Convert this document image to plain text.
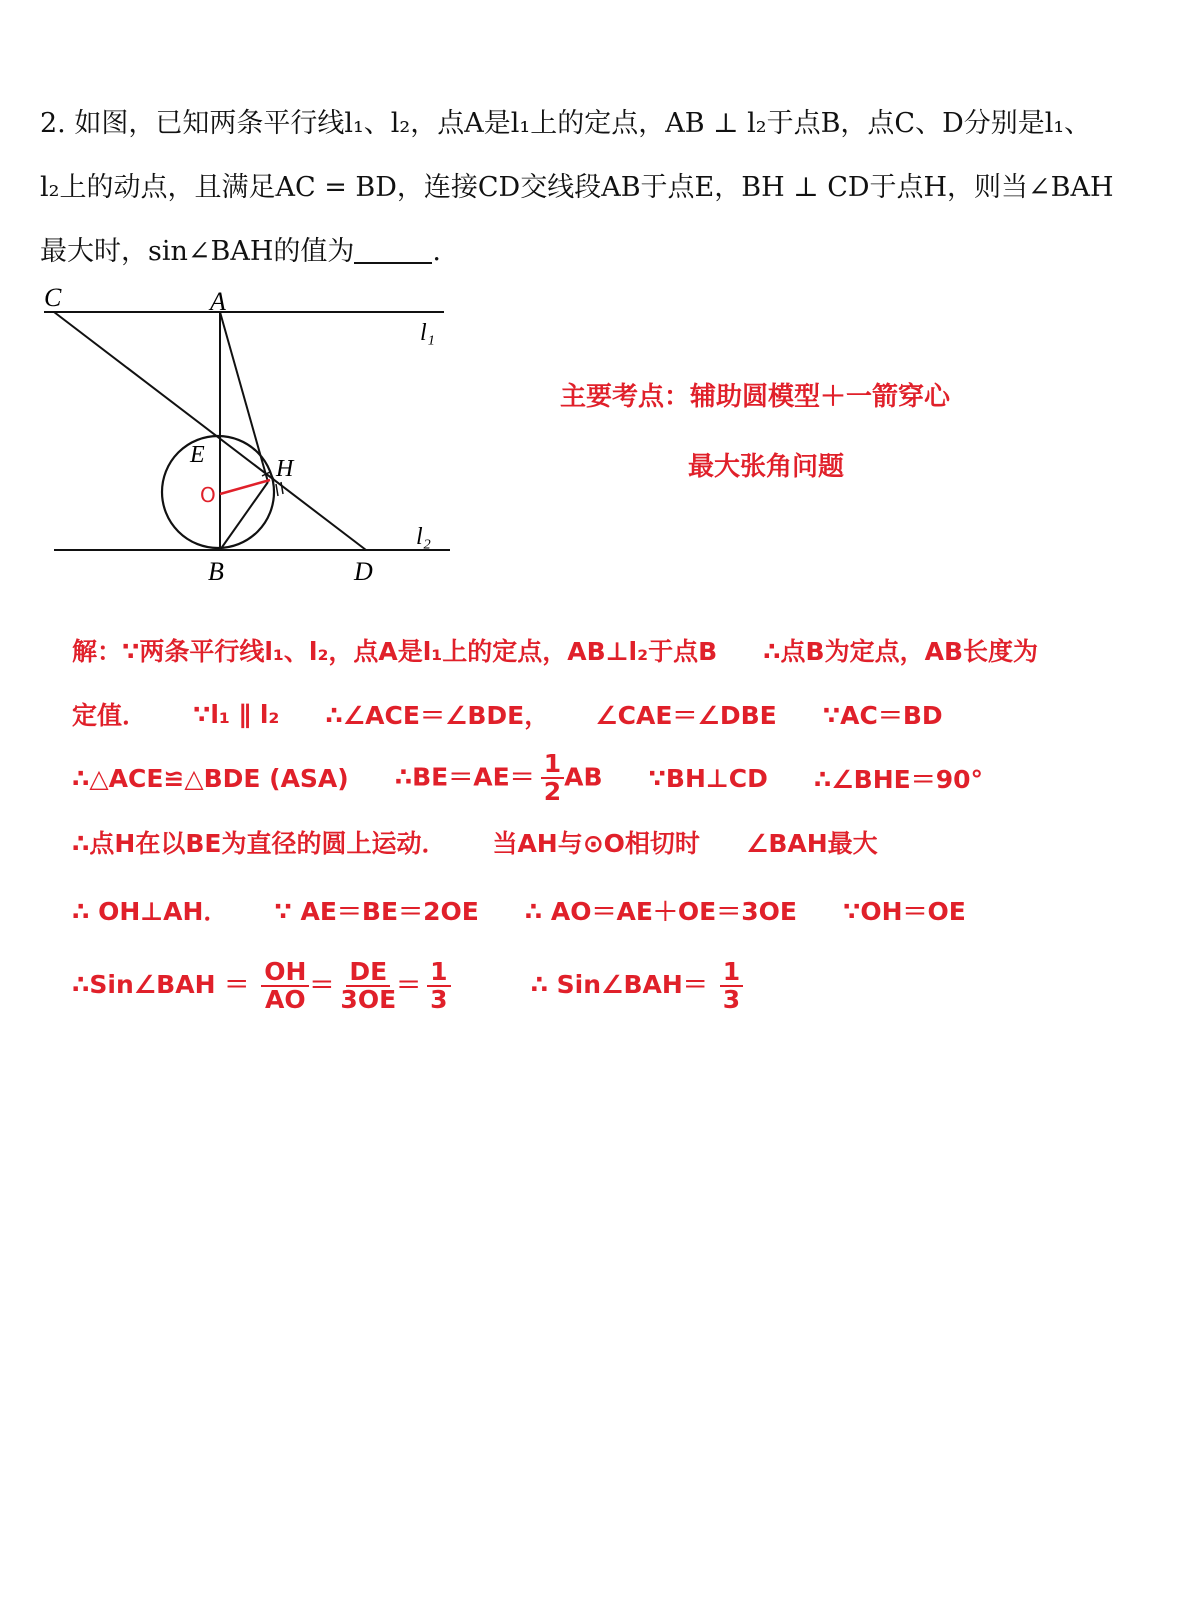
2. 如图，已知两条平行线l₁、l₂，点A是l₁上的定点，AB ⊥ l₂于点B，点C、D分别是l₁、
l₂上的动点，且满足AC = BD，连接CD交线段AB于点E，BH ⊥ CD于点H，则当∠BAH
最大时，sin∠BAH的值为	.
C	A
l₁
E
H
O
l₂
B	D
主要考点：辅助圆模型＋一箭穿心
最大张角问题
解：∵两条平行线l₁、l₂，点A是l₁上的定点，AB⊥l₂于点B ∴点B为定点，AB长度为
定值． ∵l₁ ∥ l₂ ∴∠ACE＝∠BDE， ∠CAE＝∠DBE ∵AC＝BD
∴△ACE≌△BDE (ASA) ∴BE＝AE＝ $\frac{1}{2}$ AB ∵BH⊥CD ∴∠BHE＝90°
∴点H在以BE为直径的圆上运动． 当AH与⊙O相切时 ∠BAH最大
∴ OH⊥AH． ∵ AE＝BE＝2OE ∴ AO＝AE＋OE＝3OE ∵OH＝OE
∴Sin∠BAH ＝ $\frac{OH}{AO} = \frac{DE}{3OE} = \frac{1}{3}$	∴ Sin∠BAH＝ $\frac{1}{3}$
